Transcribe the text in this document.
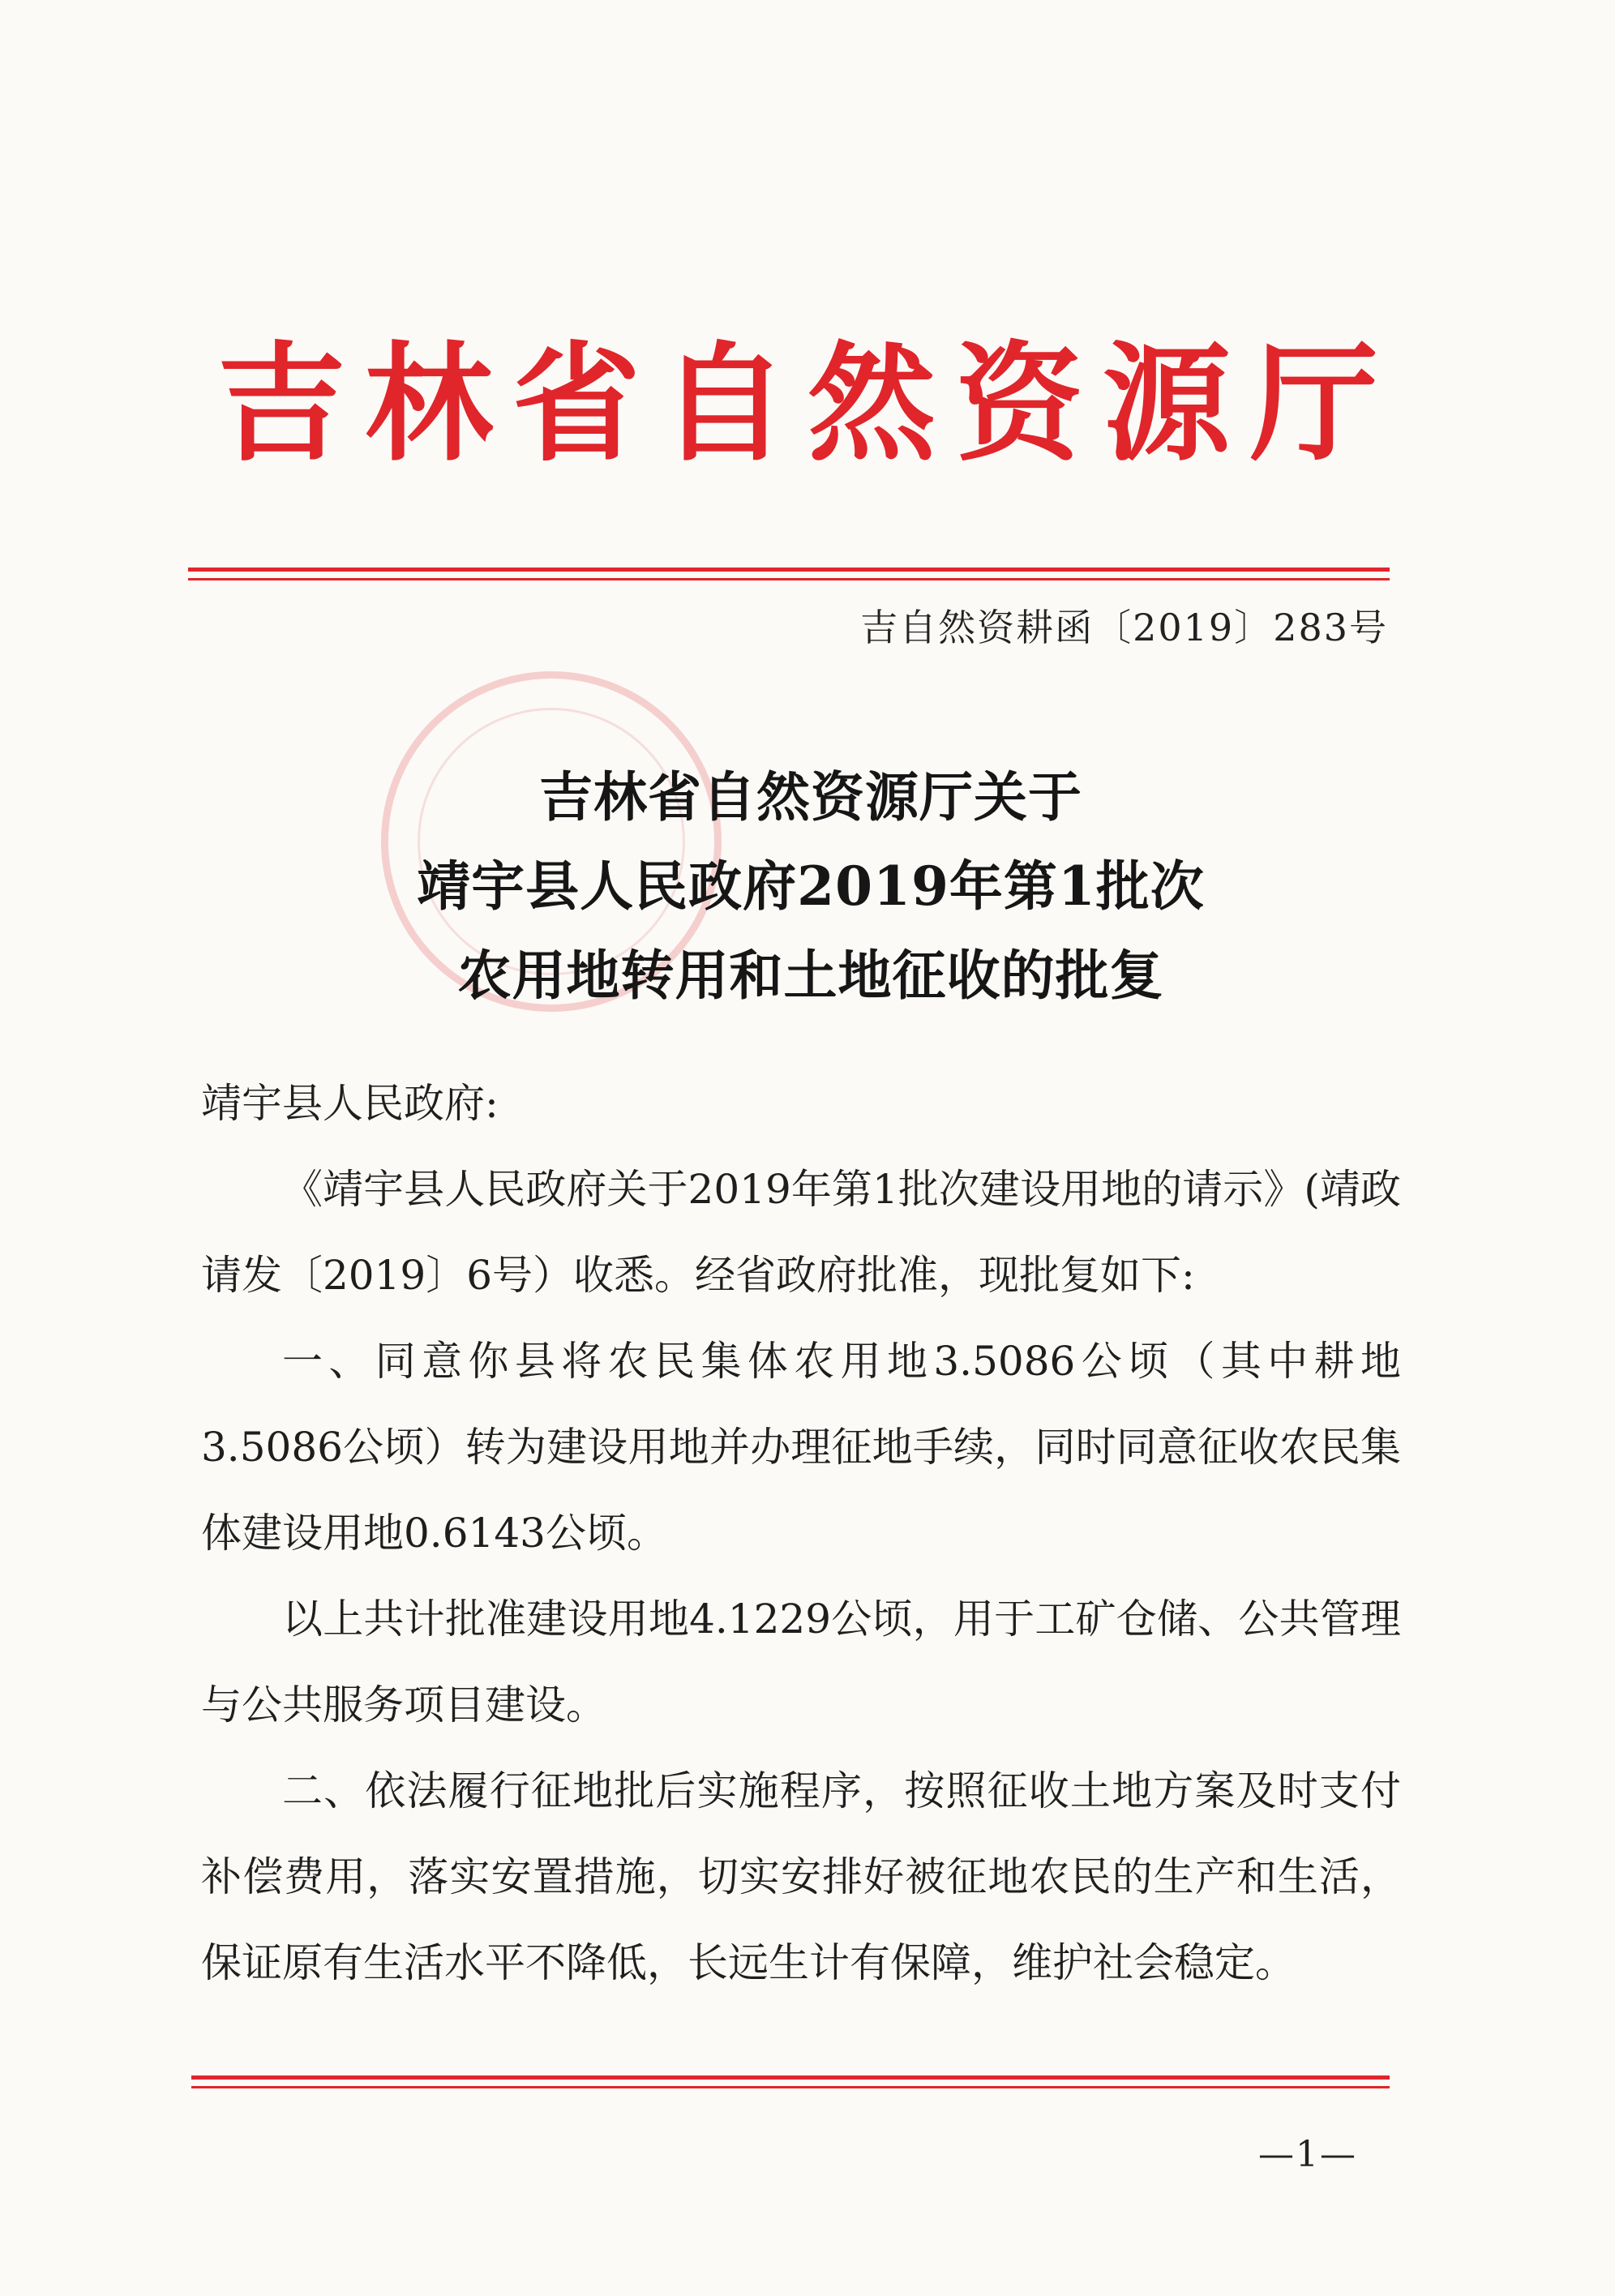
吉林省自然资源厅
吉自然资耕函〔2019〕283号
吉林省自然资源厅关于
靖宇县人民政府2019年第1批次
农用地转用和土地征收的批复
靖宇县人民政府:
《靖宇县人民政府关于2019年第1批次建设用地的请示》(靖政请发〔2019〕6号）收悉。经省政府批准，现批复如下:
一、同意你县将农民集体农用地3.5086公顷（其中耕地3.5086公顷）转为建设用地并办理征地手续，同时同意征收农民集体建设用地0.6143公顷。
以上共计批准建设用地4.1229公顷，用于工矿仓储、公共管理与公共服务项目建设。
二、依法履行征地批后实施程序，按照征收土地方案及时支付补偿费用，落实安置措施，切实安排好被征地农民的生产和生活，保证原有生活水平不降低，长远生计有保障，维护社会稳定。
—1—
